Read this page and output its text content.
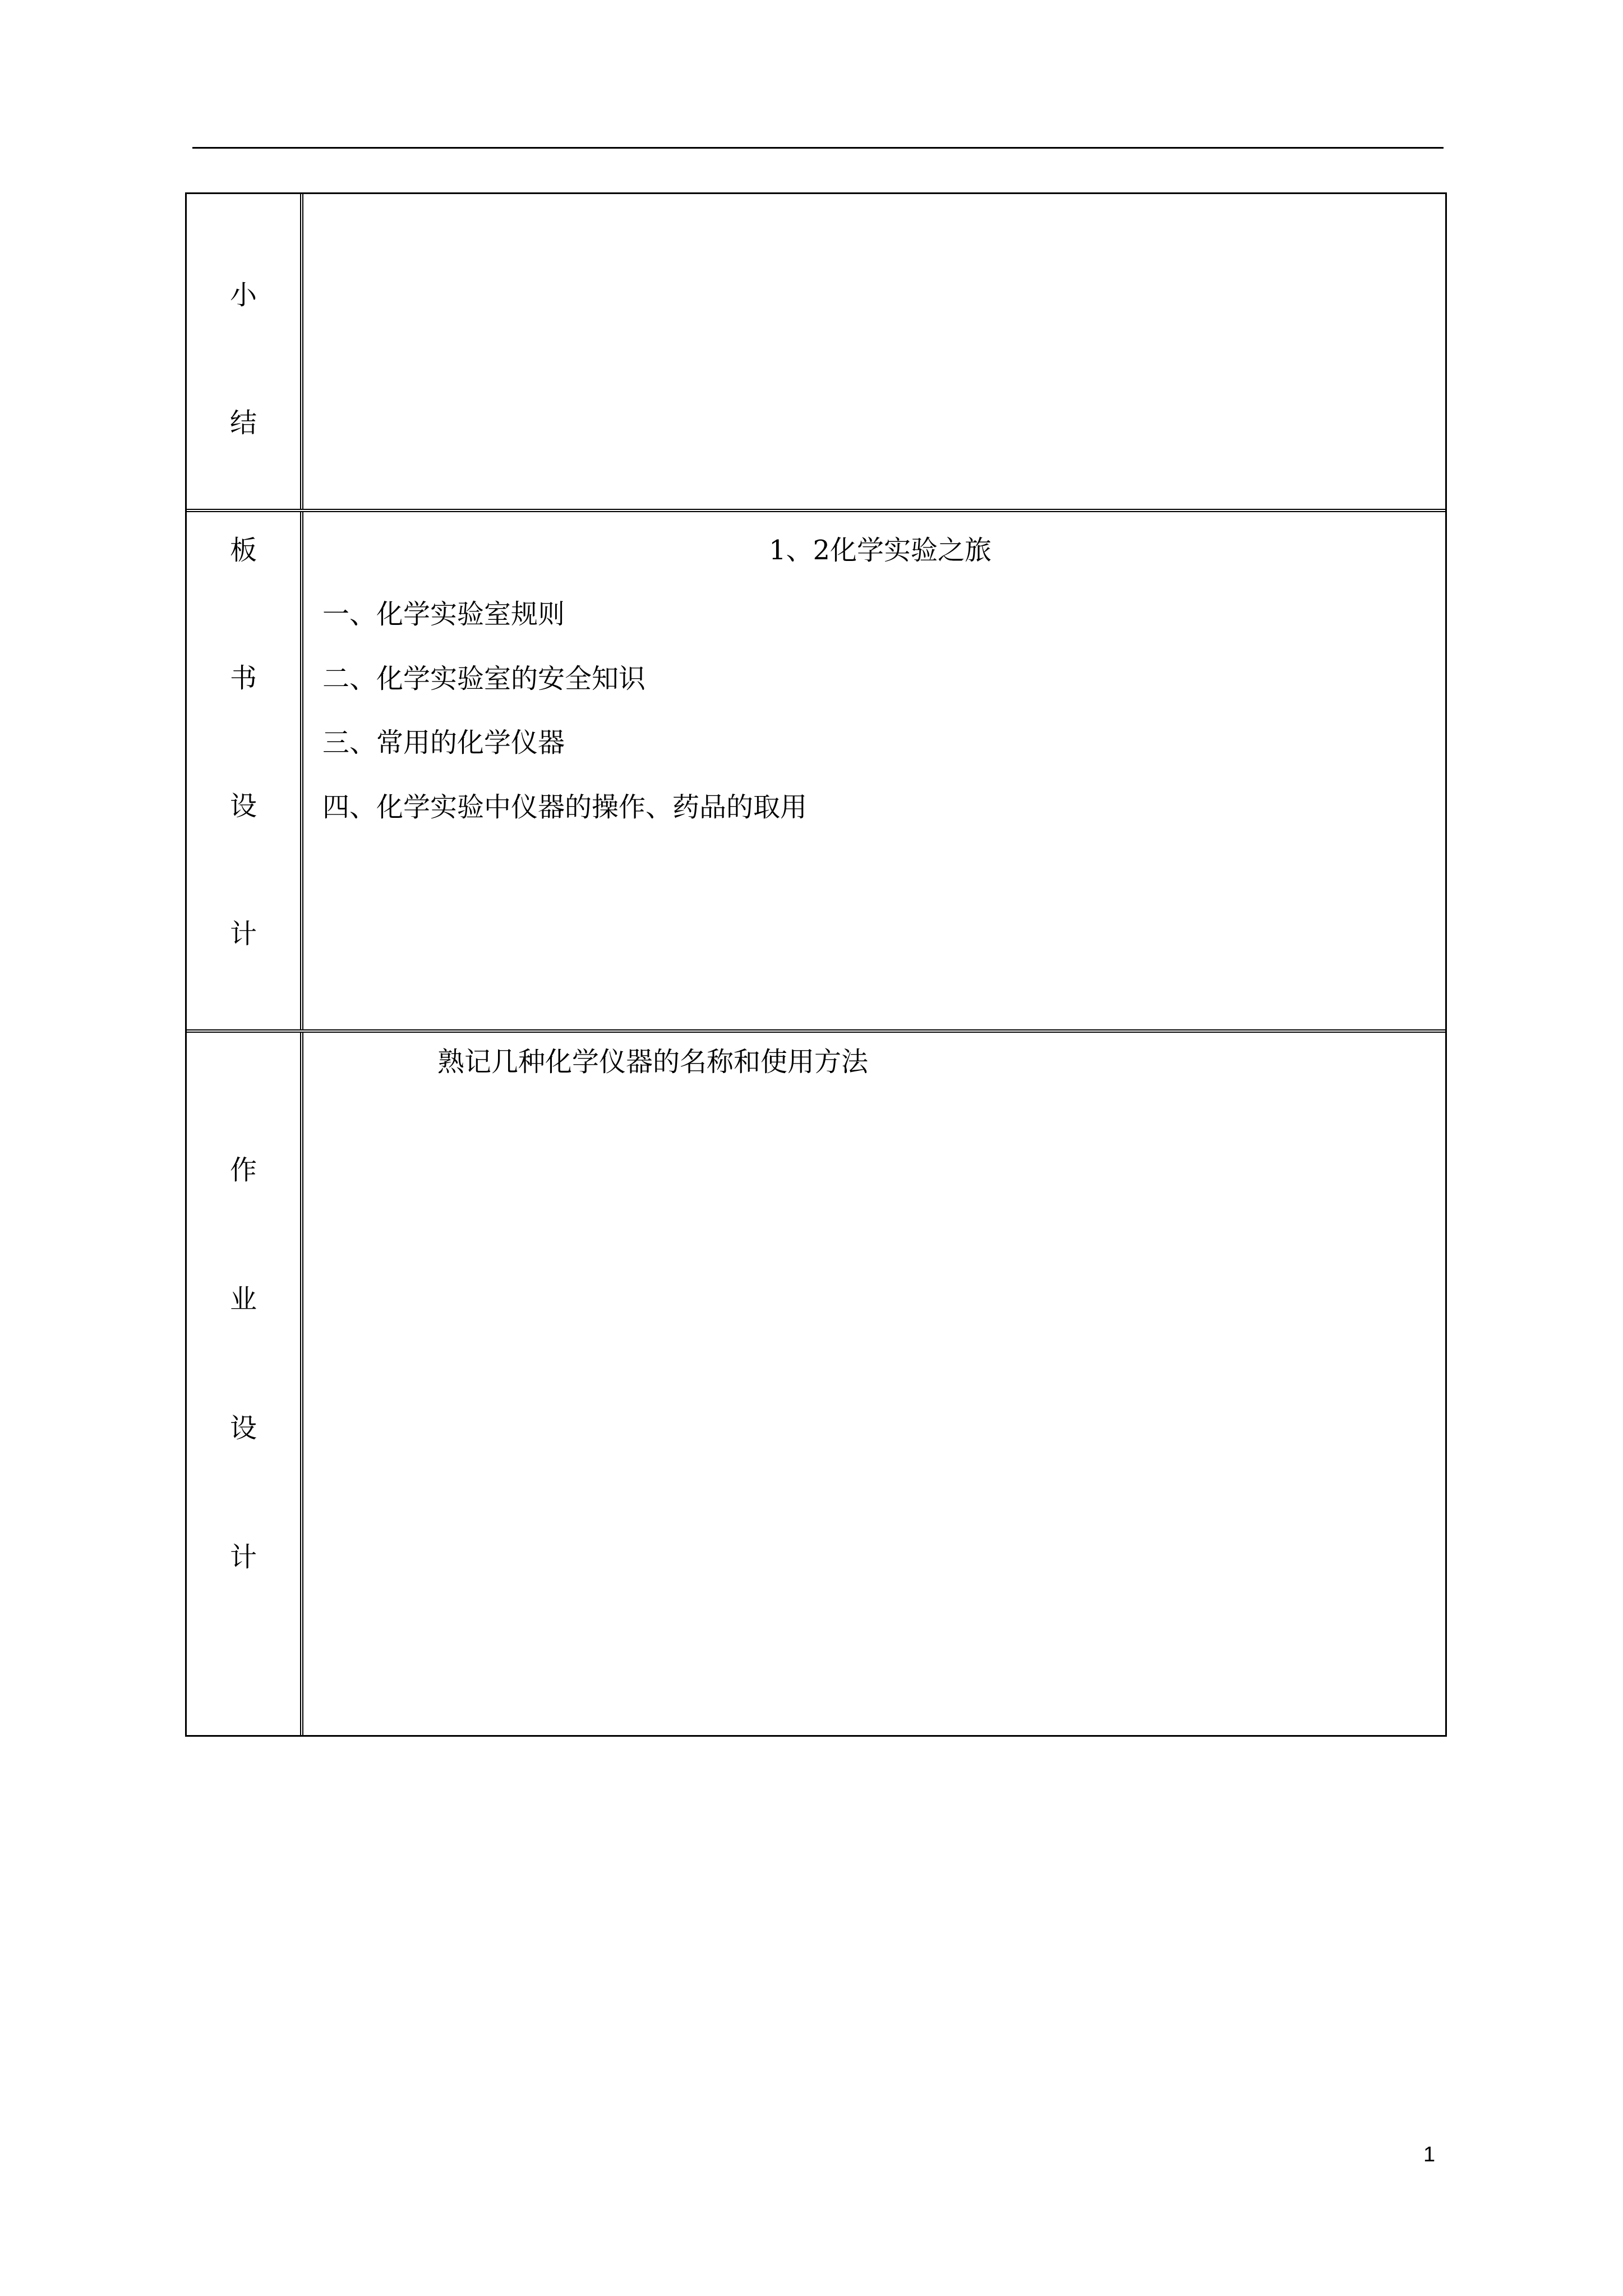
小
结
板
书
设
计
1、2化学实验之旅
一、化学实验室规则
二、化学实验室的安全知识
三、常用的化学仪器
四、化学实验中仪器的操作、药品的取用
作
业
设
计
熟记几种化学仪器的名称和使用方法
1
